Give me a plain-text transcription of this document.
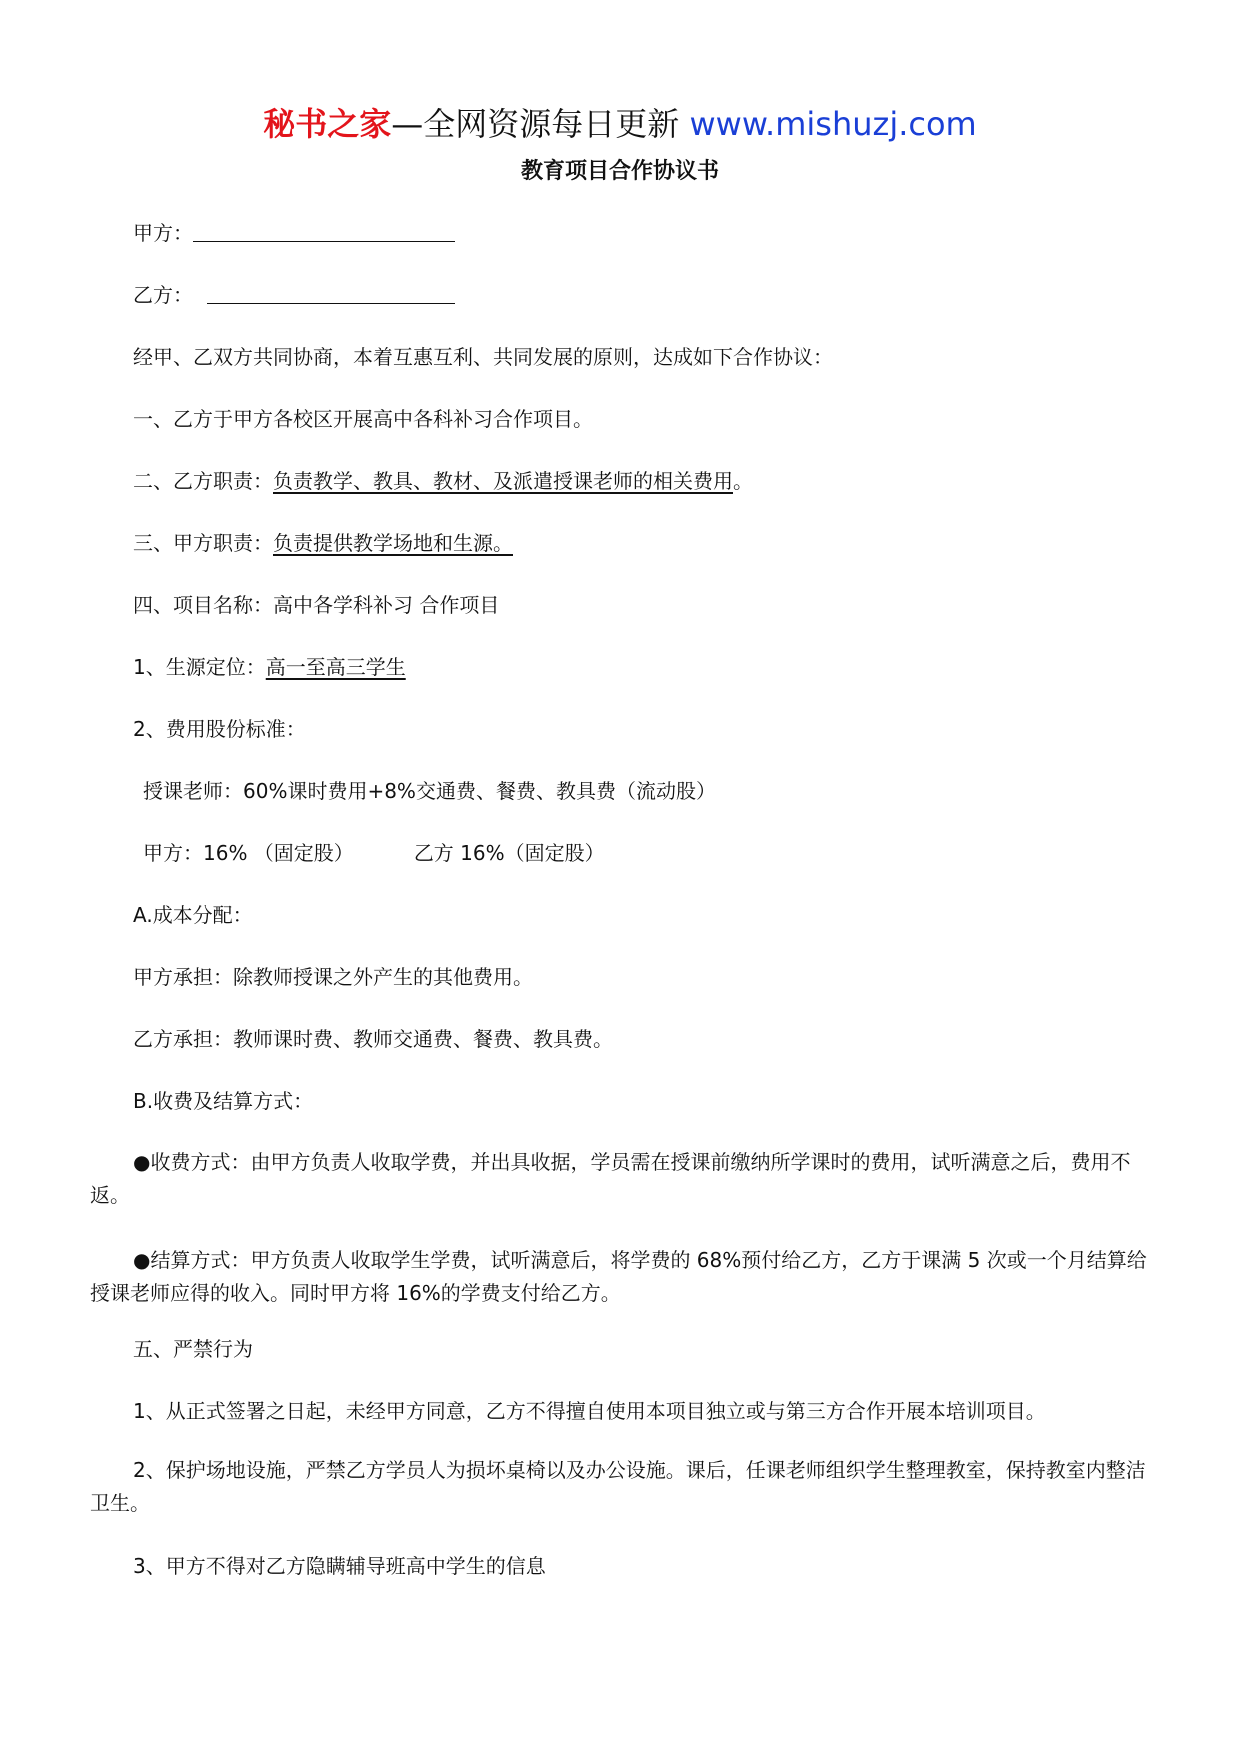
秘书之家—全网资源每日更新 www.mishuzj.com
教育项目合作协议书
甲方：
乙方：
经甲、乙双方共同协商，本着互惠互利、共同发展的原则，达成如下合作协议：
一、乙方于甲方各校区开展高中各科补习合作项目。
二、乙方职责：负责教学、教具、教材、及派遣授课老师的相关费用。
三、甲方职责：负责提供教学场地和生源。
四、项目名称：高中各学科补习 合作项目
1、生源定位：高一至高三学生
2、费用股份标准：
授课老师：60%课时费用+8%交通费、餐费、教具费（流动股）
甲方：16% （固定股）	乙方 16%（固定股）
A.成本分配：
甲方承担：除教师授课之外产生的其他费用。
乙方承担：教师课时费、教师交通费、餐费、教具费。
B.收费及结算方式：
●收费方式：由甲方负责人收取学费，并出具收据，学员需在授课前缴纳所学课时的费用，试听满意之后，费用不返。
●结算方式：甲方负责人收取学生学费，试听满意后，将学费的 68%预付给乙方，乙方于课满 5 次或一个月结算给授课老师应得的收入。同时甲方将 16%的学费支付给乙方。
五、严禁行为
1、从正式签署之日起，未经甲方同意，乙方不得擅自使用本项目独立或与第三方合作开展本培训项目。
2、保护场地设施，严禁乙方学员人为损坏桌椅以及办公设施。课后，任课老师组织学生整理教室，保持教室内整洁卫生。
3、甲方不得对乙方隐瞒辅导班高中学生的信息
